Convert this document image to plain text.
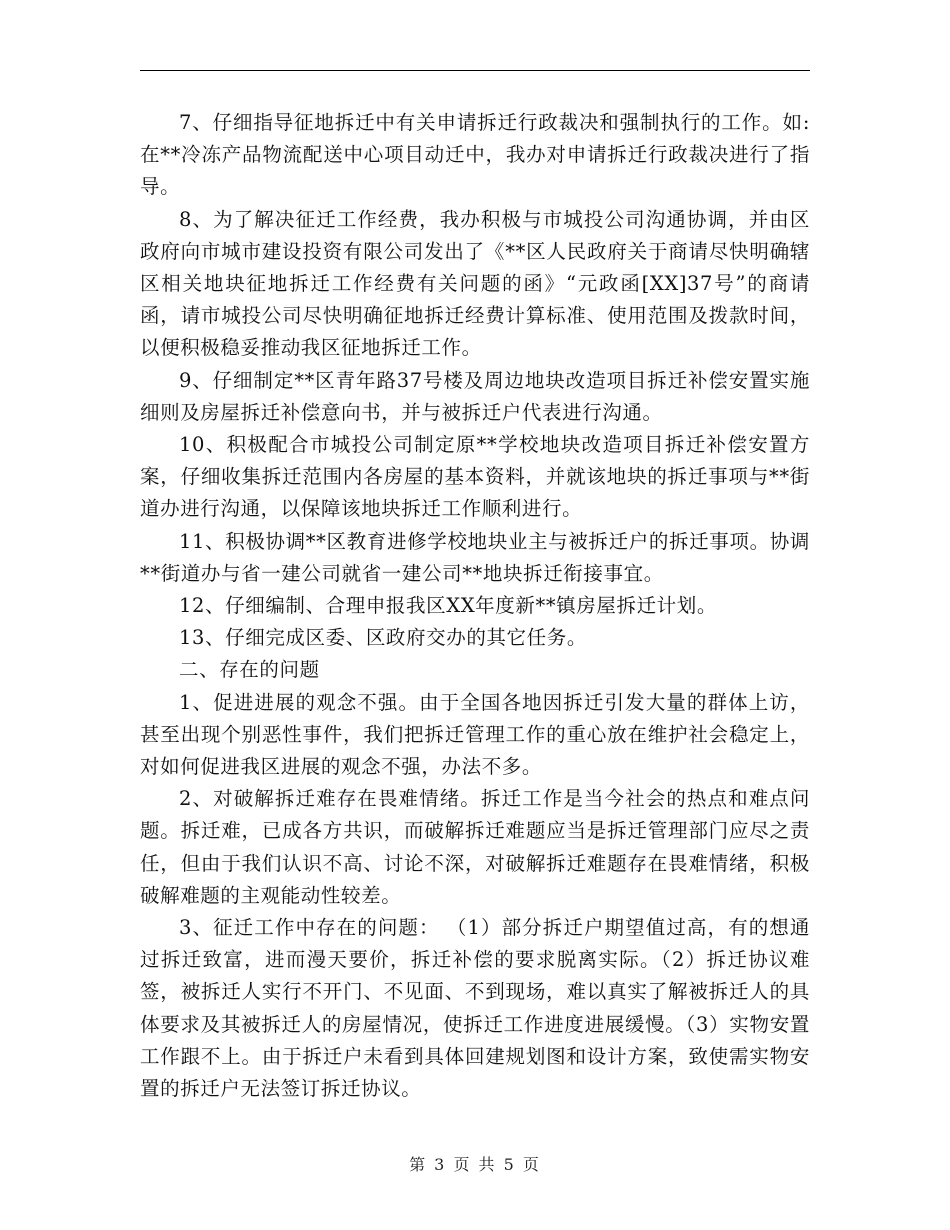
7、仔细指导征地拆迁中有关申请拆迁行政裁决和强制执行的工作。如:在**冷冻产品物流配送中心项目动迁中，我办对申请拆迁行政裁决进行了指导。

8、为了解决征迁工作经费，我办积极与市城投公司沟通协调，并由区政府向市城市建设投资有限公司发出了《**区人民政府关于商请尽快明确辖区相关地块征地拆迁工作经费有关问题的函》“元政函[XX]37号”的商请函，请市城投公司尽快明确征地拆迁经费计算标准、使用范围及拨款时间，以便积极稳妥推动我区征地拆迁工作。

9、仔细制定**区青年路37号楼及周边地块改造项目拆迁补偿安置实施细则及房屋拆迁补偿意向书，并与被拆迁户代表进行沟通。

10、积极配合市城投公司制定原**学校地块改造项目拆迁补偿安置方案，仔细收集拆迁范围内各房屋的基本资料，并就该地块的拆迁事项与**街道办进行沟通，以保障该地块拆迁工作顺利进行。

11、积极协调**区教育进修学校地块业主与被拆迁户的拆迁事项。协调**街道办与省一建公司就省一建公司**地块拆迁衔接事宜。

12、仔细编制、合理申报我区XX年度新**镇房屋拆迁计划。

13、仔细完成区委、区政府交办的其它任务。

二、存在的问题

1、促进进展的观念不强。由于全国各地因拆迁引发大量的群体上访，甚至出现个别恶性事件，我们把拆迁管理工作的重心放在维护社会稳定上，对如何促进我区进展的观念不强，办法不多。

2、对破解拆迁难存在畏难情绪。拆迁工作是当今社会的热点和难点问题。拆迁难，已成各方共识，而破解拆迁难题应当是拆迁管理部门应尽之责任，但由于我们认识不高、讨论不深，对破解拆迁难题存在畏难情绪，积极破解难题的主观能动性较差。

3、征迁工作中存在的问题： （1）部分拆迁户期望值过高，有的想通过拆迁致富，进而漫天要价，拆迁补偿的要求脱离实际。（2）拆迁协议难签，被拆迁人实行不开门、不见面、不到现场，难以真实了解被拆迁人的具体要求及其被拆迁人的房屋情况，使拆迁工作进度进展缓慢。（3）实物安置工作跟不上。由于拆迁户未看到具体回建规划图和设计方案，致使需实物安置的拆迁户无法签订拆迁协议。

第 3 页 共 5 页
